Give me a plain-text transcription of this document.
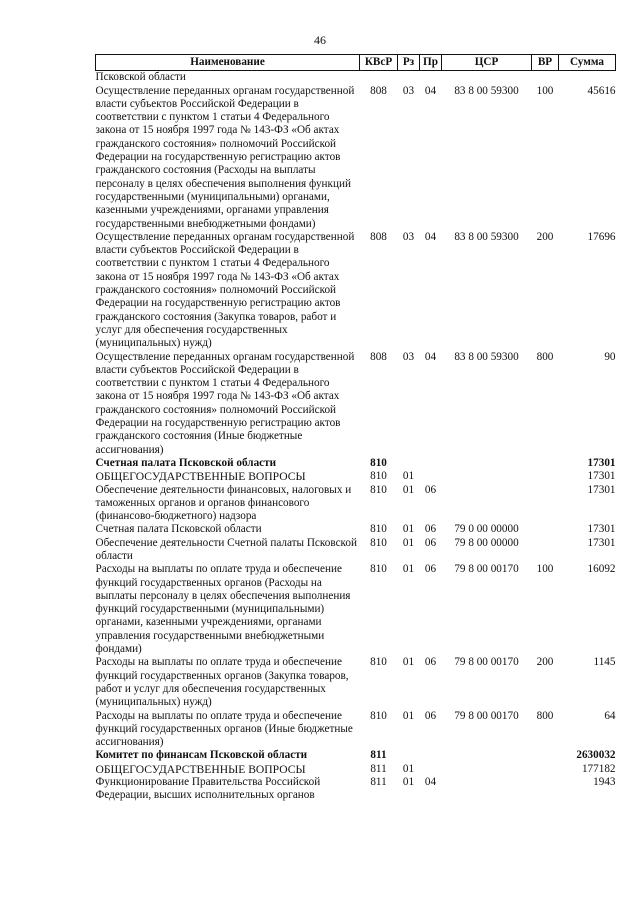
46
Наименование	КВсР	Рз	Пр	ЦСР	ВР	Сумма
Псковской области						
Осуществление переданных органам государственной власти субъектов Российской Федерации в соответствии с пунктом 1 статьи 4 Федерального закона от 15 ноября 1997 года № 143-ФЗ «Об актах гражданского состояния» полномочий Российской Федерации на государственную регистрацию актов гражданского состояния (Расходы на выплаты персоналу в целях обеспечения выполнения функций государственными (муниципальными) органами, казенными учреждениями, органами управления государственными внебюджетными фондами)	808	03	04	83 8 00 59300	100	45616
Осуществление переданных органам государственной власти субъектов Российской Федерации в соответствии с пунктом 1 статьи 4 Федерального закона от 15 ноября 1997 года № 143-ФЗ «Об актах гражданского состояния» полномочий Российской Федерации на государственную регистрацию актов гражданского состояния (Закупка товаров, работ и услуг для обеспечения государственных (муниципальных) нужд)	808	03	04	83 8 00 59300	200	17696
Осуществление переданных органам государственной власти субъектов Российской Федерации в соответствии с пунктом 1 статьи 4 Федерального закона от 15 ноября 1997 года № 143-ФЗ «Об актах гражданского состояния» полномочий Российской Федерации на государственную регистрацию актов гражданского состояния (Иные бюджетные ассигнования)	808	03	04	83 8 00 59300	800	90
Счетная палата Псковской области	810					17301
ОБЩЕГОСУДАРСТВЕННЫЕ ВОПРОСЫ	810	01				17301
Обеспечение деятельности финансовых, налоговых и таможенных органов и органов финансового (финансово-бюджетного) надзора	810	01	06			17301
Счетная палата Псковской области	810	01	06	79 0 00 00000		17301
Обеспечение деятельности Счетной палаты Псковской области	810	01	06	79 8 00 00000		17301
Расходы на выплаты по оплате труда и обеспечение функций государственных органов (Расходы на выплаты персоналу в целях обеспечения выполнения функций государственными (муниципальными) органами, казенными учреждениями, органами управления государственными внебюджетными фондами)	810	01	06	79 8 00 00170	100	16092
Расходы на выплаты по оплате труда и обеспечение функций государственных органов (Закупка товаров, работ и услуг для обеспечения государственных (муниципальных) нужд)	810	01	06	79 8 00 00170	200	1145
Расходы на выплаты по оплате труда и обеспечение функций государственных органов (Иные бюджетные ассигнования)	810	01	06	79 8 00 00170	800	64
Комитет по финансам Псковской области	811					2630032
ОБЩЕГОСУДАРСТВЕННЫЕ ВОПРОСЫ	811	01				177182
Функционирование Правительства Российской Федерации, высших исполнительных органов	811	01	04			1943
